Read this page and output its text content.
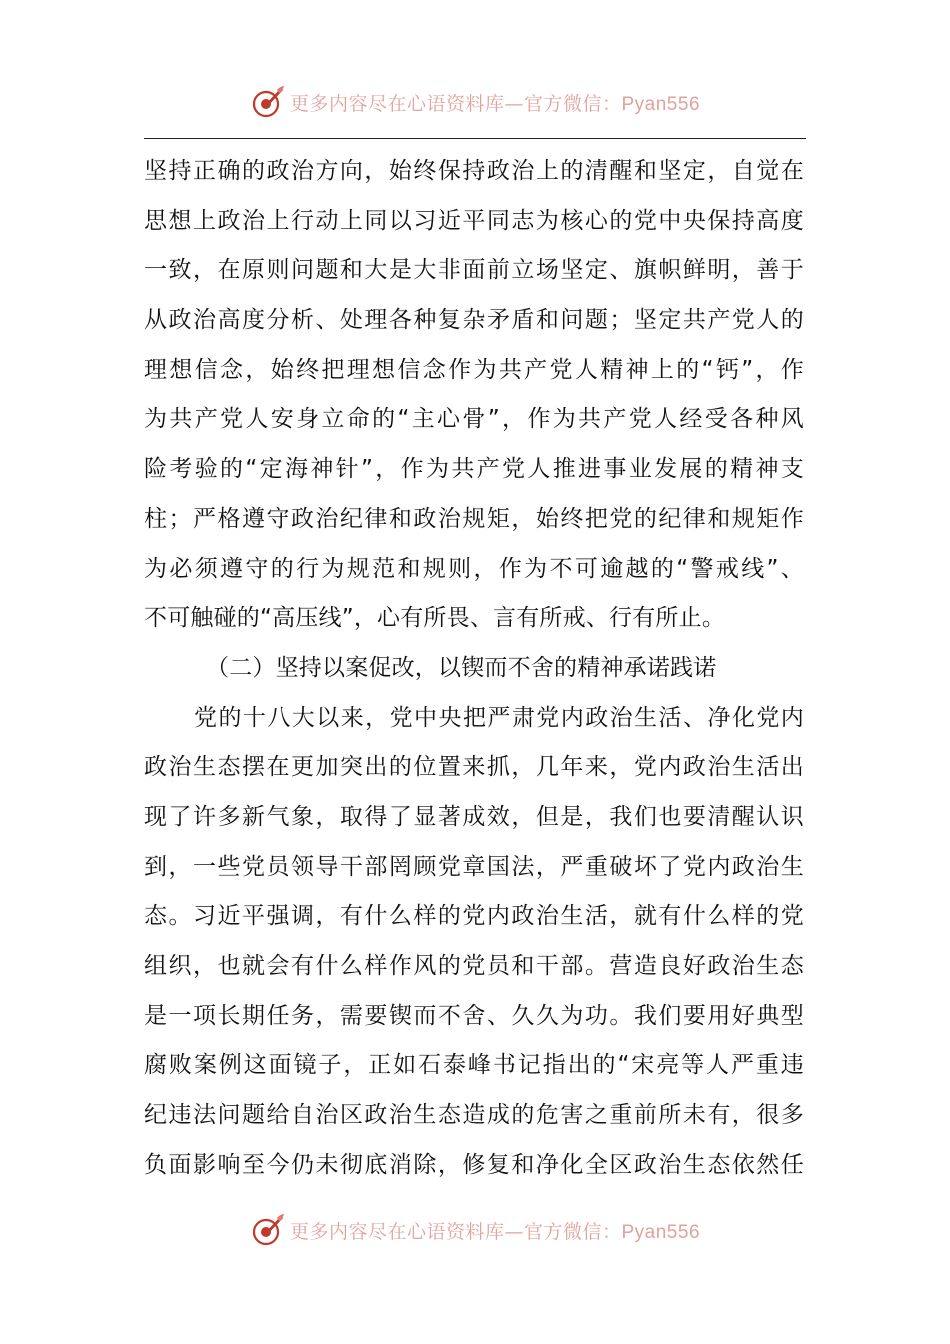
更多内容尽在心语资料库—官方微信：Pyan556
坚持正确的政治方向，始终保持政治上的清醒和坚定，自觉在
思想上政治上行动上同以习近平同志为核心的党中央保持高度
一致，在原则问题和大是大非面前立场坚定、旗帜鲜明，善于
从政治高度分析、处理各种复杂矛盾和问题；坚定共产党人的
理想信念，始终把理想信念作为共产党人精神上的“钙”，作
为共产党人安身立命的“主心骨”，作为共产党人经受各种风
险考验的“定海神针”，作为共产党人推进事业发展的精神支
柱；严格遵守政治纪律和政治规矩，始终把党的纪律和规矩作
为必须遵守的行为规范和规则，作为不可逾越的“警戒线”、
不可触碰的“高压线”，心有所畏、言有所戒、行有所止。
（二）坚持以案促改，以锲而不舍的精神承诺践诺
党的十八大以来，党中央把严肃党内政治生活、净化党内
政治生态摆在更加突出的位置来抓，几年来，党内政治生活出
现了许多新气象，取得了显著成效，但是，我们也要清醒认识
到，一些党员领导干部罔顾党章国法，严重破坏了党内政治生
态。习近平强调，有什么样的党内政治生活，就有什么样的党
组织，也就会有什么样作风的党员和干部。营造良好政治生态
是一项长期任务，需要锲而不舍、久久为功。我们要用好典型
腐败案例这面镜子，正如石泰峰书记指出的“宋亮等人严重违
纪违法问题给自治区政治生态造成的危害之重前所未有，很多
负面影响至今仍未彻底消除，修复和净化全区政治生态依然任
更多内容尽在心语资料库—官方微信：Pyan556
